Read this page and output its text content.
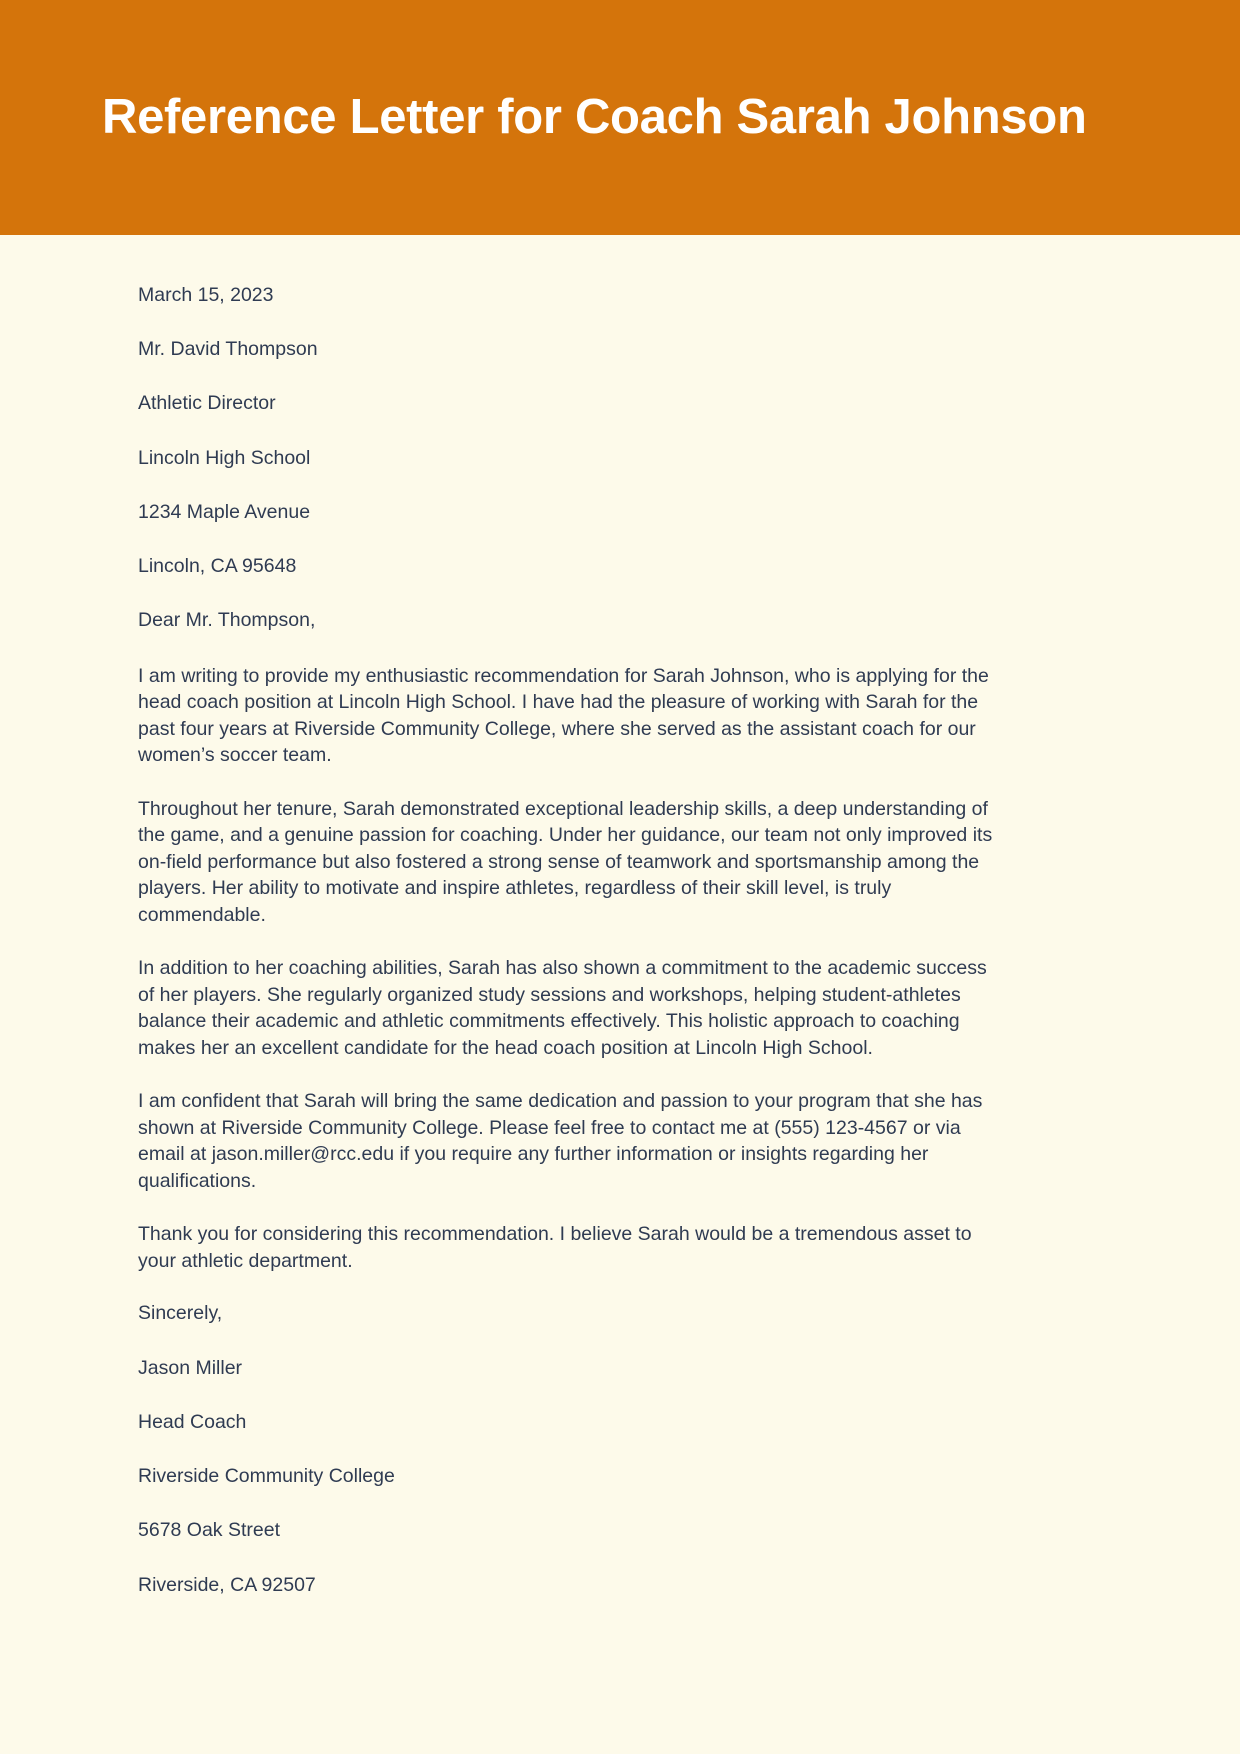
Reference Letter for Coach Sarah Johnson

March 15, 2023

Mr. David Thompson

Athletic Director

Lincoln High School

1234 Maple Avenue

Lincoln, CA 95648

Dear Mr. Thompson,

I am writing to provide my enthusiastic recommendation for Sarah Johnson, who is applying for the head coach position at Lincoln High School. I have had the pleasure of working with Sarah for the past four years at Riverside Community College, where she served as the assistant coach for our women’s soccer team.

Throughout her tenure, Sarah demonstrated exceptional leadership skills, a deep understanding of the game, and a genuine passion for coaching. Under her guidance, our team not only improved its on-field performance but also fostered a strong sense of teamwork and sportsmanship among the players. Her ability to motivate and inspire athletes, regardless of their skill level, is truly commendable.

In addition to her coaching abilities, Sarah has also shown a commitment to the academic success of her players. She regularly organized study sessions and workshops, helping student-athletes balance their academic and athletic commitments effectively. This holistic approach to coaching makes her an excellent candidate for the head coach position at Lincoln High School.

I am confident that Sarah will bring the same dedication and passion to your program that she has shown at Riverside Community College. Please feel free to contact me at (555) 123-4567 or via email at jason.miller@rcc.edu if you require any further information or insights regarding her qualifications.

Thank you for considering this recommendation. I believe Sarah would be a tremendous asset to your athletic department.

Sincerely,

Jason Miller

Head Coach

Riverside Community College

5678 Oak Street

Riverside, CA 92507
